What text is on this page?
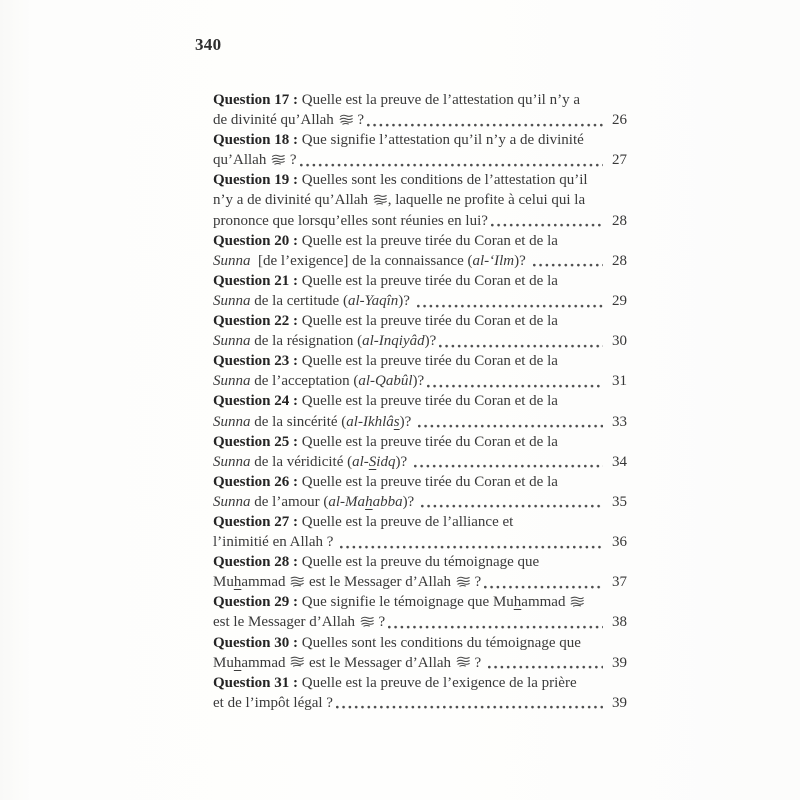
340
Question 17 : Quelle est la preuve de l’attestation qu’il n’y a
de divinité qu’Allah
?	26
Question 18 : Que signifie l’attestation qu’il n’y a de divinité
qu’Allah
?	27
Question 19 : Quelles sont les conditions de l’attestation qu’il
n’y a de divinité qu’Allah
, laquelle ne profite à celui qui la
prononce que lorsqu’elles sont réunies en lui?	28
Question 20 : Quelle est la preuve tirée du Coran et de la
Sunna  [de l’exigence] de la connaissance (al-‘Ilm)?	28
Question 21 : Quelle est la preuve tirée du Coran et de la
Sunna de la certitude (al-Yaqîn)?	29
Question 22 : Quelle est la preuve tirée du Coran et de la
Sunna de la résignation (al-Inqiyâd)?	30
Question 23 : Quelle est la preuve tirée du Coran et de la
Sunna de l’acceptation (al-Qabûl)?	31
Question 24 : Quelle est la preuve tirée du Coran et de la
Sunna de la sincérité (al-Ikhlâs)?	33
Question 25 : Quelle est la preuve tirée du Coran et de la
Sunna de la véridicité (al-Sidq)?	34
Question 26 : Quelle est la preuve tirée du Coran et de la
Sunna de l’amour (al-Mahabba)?	35
Question 27 : Quelle est la preuve de l’alliance et
l’inimitié en Allah ?	36
Question 28 : Quelle est la preuve du témoignage que
Muhammad
est le Messager d’Allah
?	37
Question 29 : Que signifie le témoignage que Muhammad
est le Messager d’Allah
?	38
Question 30 : Quelles sont les conditions du témoignage que
Muhammad
est le Messager d’Allah
?	39
Question 31 : Quelle est la preuve de l’exigence de la prière
et de l’impôt légal ?	39
